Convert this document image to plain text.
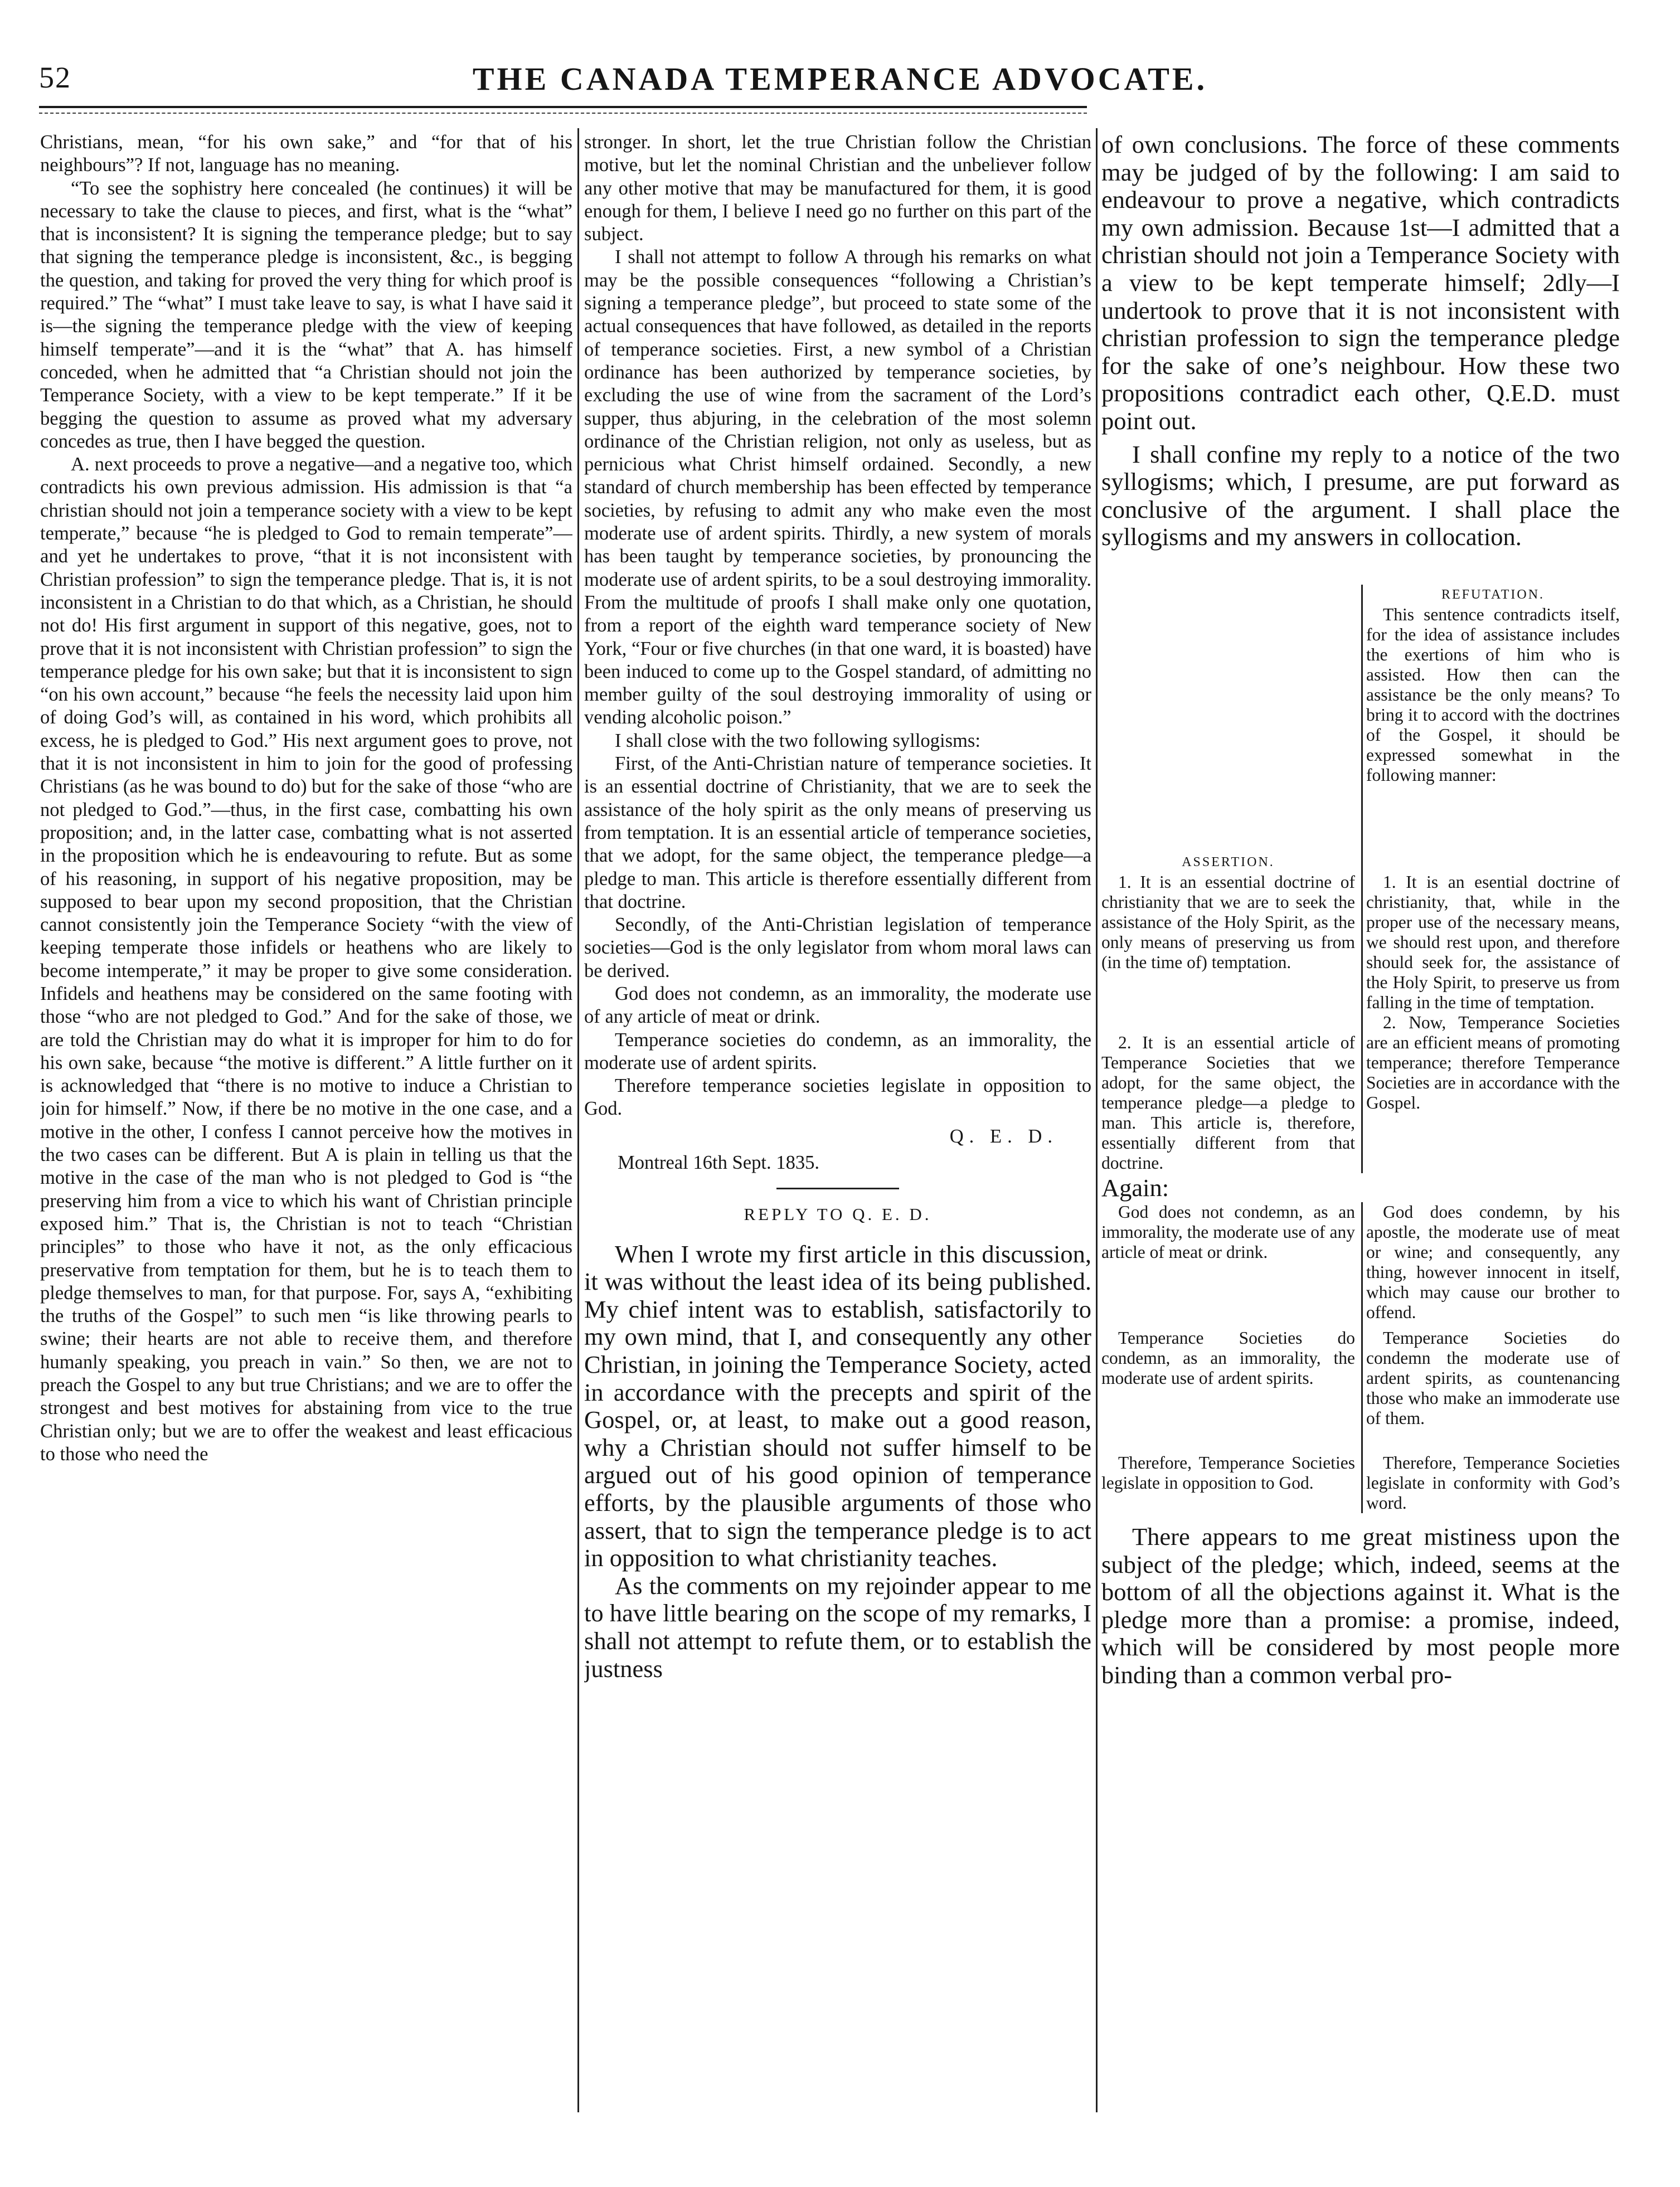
52	THE CANADA TEMPERANCE ADVOCATE.

Christians, mean, “for his own sake,” and “for that of his neighbours”? If not, language has no meaning.

“To see the sophistry here concealed (he continues) it will be necessary to take the clause to pieces, and first, what is the “what” that is inconsistent? It is signing the temperance pledge; but to say that signing the temperance pledge is inconsistent, &c., is begging the question, and taking for proved the very thing for which proof is required.” The “what” I must take leave to say, is what I have said it is—the signing the temperance pledge with the view of keeping himself temperate”—and it is the “what” that A. has himself conceded, when he admitted that “a Christian should not join the Temperance Society, with a view to be kept temperate.” If it be begging the question to assume as proved what my adversary concedes as true, then I have begged the question.

A. next proceeds to prove a negative—and a negative too, which contradicts his own previous admission. His admission is that “a christian should not join a temperance society with a view to be kept temperate,” because “he is pledged to God to remain temperate”—and yet he undertakes to prove, “that it is not inconsistent with Christian profession” to sign the temperance pledge. That is, it is not inconsistent in a Christian to do that which, as a Christian, he should not do! His first argument in support of this negative, goes, not to prove that it is not inconsistent with Christian profession” to sign the temperance pledge for his own sake; but that it is inconsistent to sign “on his own account,” because “he feels the necessity laid upon him of doing God’s will, as contained in his word, which prohibits all excess, he is pledged to God.” His next argument goes to prove, not that it is not inconsistent in him to join for the good of professing Christians (as he was bound to do) but for the sake of those “who are not pledged to God.”—thus, in the first case, combatting his own proposition; and, in the latter case, combatting what is not asserted in the proposition which he is endeavouring to refute. But as some of his reasoning, in support of his negative proposition, may be supposed to bear upon my second proposition, that the Christian cannot consistently join the Temperance Society “with the view of keeping temperate those infidels or heathens who are likely to become intemperate,” it may be proper to give some consideration. Infidels and heathens may be considered on the same footing with those “who are not pledged to God.” And for the sake of those, we are told the Christian may do what it is improper for him to do for his own sake, because “the motive is different.” A little further on it is acknowledged that “there is no motive to induce a Christian to join for himself.” Now, if there be no motive in the one case, and a motive in the other, I confess I cannot perceive how the motives in the two cases can be different. But A is plain in telling us that the motive in the case of the man who is not pledged to God is “the preserving him from a vice to which his want of Christian principle exposed him.” That is, the Christian is not to teach “Christian principles” to those who have it not, as the only efficacious preservative from temptation for them, but he is to teach them to pledge themselves to man, for that purpose. For, says A, “exhibiting the truths of the Gospel” to such men “is like throwing pearls to swine; their hearts are not able to receive them, and therefore humanly speaking, you preach in vain.” So then, we are not to preach the Gospel to any but true Christians; and we are to offer the strongest and best motives for abstaining from vice to the true Christian only; but we are to offer the weakest and least efficacious to those who need the

stronger. In short, let the true Christian follow the Christian motive, but let the nominal Christian and the unbeliever follow any other motive that may be manufactured for them, it is good enough for them, I believe I need go no further on this part of the subject.

I shall not attempt to follow A through his remarks on what may be the possible consequences “following a Christian’s signing a temperance pledge”, but proceed to state some of the actual consequences that have followed, as detailed in the reports of temperance societies. First, a new symbol of a Christian ordinance has been authorized by temperance societies, by excluding the use of wine from the sacrament of the Lord’s supper, thus abjuring, in the celebration of the most solemn ordinance of the Christian religion, not only as useless, but as pernicious what Christ himself ordained. Secondly, a new standard of church membership has been effected by temperance societies, by refusing to admit any who make even the most moderate use of ardent spirits. Thirdly, a new system of morals has been taught by temperance societies, by pronouncing the moderate use of ardent spirits, to be a soul destroying immorality. From the multitude of proofs I shall make only one quotation, from a report of the eighth ward temperance society of New York, “Four or five churches (in that one ward, it is boasted) have been induced to come up to the Gospel standard, of admitting no member guilty of the soul destroying immorality of using or vending alcoholic poison.”

I shall close with the two following syllogisms:

First, of the Anti-Christian nature of temperance societies. It is an essential doctrine of Christianity, that we are to seek the assistance of the holy spirit as the only means of preserving us from temptation. It is an essential article of temperance societies, that we adopt, for the same object, the temperance pledge—a pledge to man. This article is therefore essentially different from that doctrine.

Secondly, of the Anti-Christian legislation of temperance societies—God is the only legislator from whom moral laws can be derived.

God does not condemn, as an immorality, the moderate use of any article of meat or drink.

Temperance societies do condemn, as an immorality, the moderate use of ardent spirits.

Therefore temperance societies legislate in opposition to God.

Q. E. D.

Montreal 16th Sept. 1835.

REPLY TO Q. E. D.

When I wrote my first article in this discussion, it was without the least idea of its being published. My chief intent was to establish, satisfactorily to my own mind, that I, and consequently any other Christian, in joining the Temperance Society, acted in accordance with the precepts and spirit of the Gospel, or, at least, to make out a good reason, why a Christian should not suffer himself to be argued out of his good opinion of temperance efforts, by the plausible arguments of those who assert, that to sign the temperance pledge is to act in opposition to what christianity teaches.

As the comments on my rejoinder appear to me to have little bearing on the scope of my remarks, I shall not attempt to refute them, or to establish the justness

of own conclusions. The force of these comments may be judged of by the following: I am said to endeavour to prove a negative, which contradicts my own admission. Because 1st—I admitted that a christian should not join a Temperance Society with a view to be kept temperate himself; 2dly—I undertook to prove that it is not inconsistent with christian profession to sign the temperance pledge for the sake of one’s neighbour. How these two propositions contradict each other, Q.E.D. must point out.

I shall confine my reply to a notice of the two syllogisms; which, I presume, are put forward as conclusive of the argument. I shall place the syllogisms and my answers in collocation.

ASSERTION.
REFUTATION.

This sentence contradicts itself, for the idea of assistance includes the exertions of him who is assisted. How then can the assistance be the only means? To bring it to accord with the doctrines of the Gospel, it should be expressed somewhat in the following manner:

1. It is an essential doctrine of christianity that we are to seek the assistance of the Holy Spirit, as the only means of preserving us from (in the time of) temptation.
1. It is an esential doctrine of christianity, that, while in the proper use of the necessary means, we should rest upon, and therefore should seek for, the assistance of the Holy Spirit, to preserve us from falling in the time of temptation.
2. It is an essential article of Temperance Societies that we adopt, for the same object, the temperance pledge—a pledge to man. This article is, therefore, essentially different from that doctrine.
2. Now, Temperance Societies are an efficient means of promoting temperance; therefore Temperance Societies are in accordance with the Gospel.

Again:

God does not condemn, as an immorality, the moderate use of any article of meat or drink.
God does condemn, by his apostle, the moderate use of meat or wine; and consequently, any thing, however innocent in itself, which may cause our brother to offend.
Temperance Societies do condemn, as an immorality, the moderate use of ardent spirits.
Temperance Societies do condemn the moderate use of ardent spirits, as countenancing those who make an immoderate use of them.
Therefore, Temperance Societies legislate in opposition to God.
Therefore, Temperance Societies legislate in conformity with God’s word.

There appears to me great mistiness upon the subject of the pledge; which, indeed, seems at the bottom of all the objections against it. What is the pledge more than a promise: a promise, indeed, which will be considered by most people more binding than a common verbal pro-
